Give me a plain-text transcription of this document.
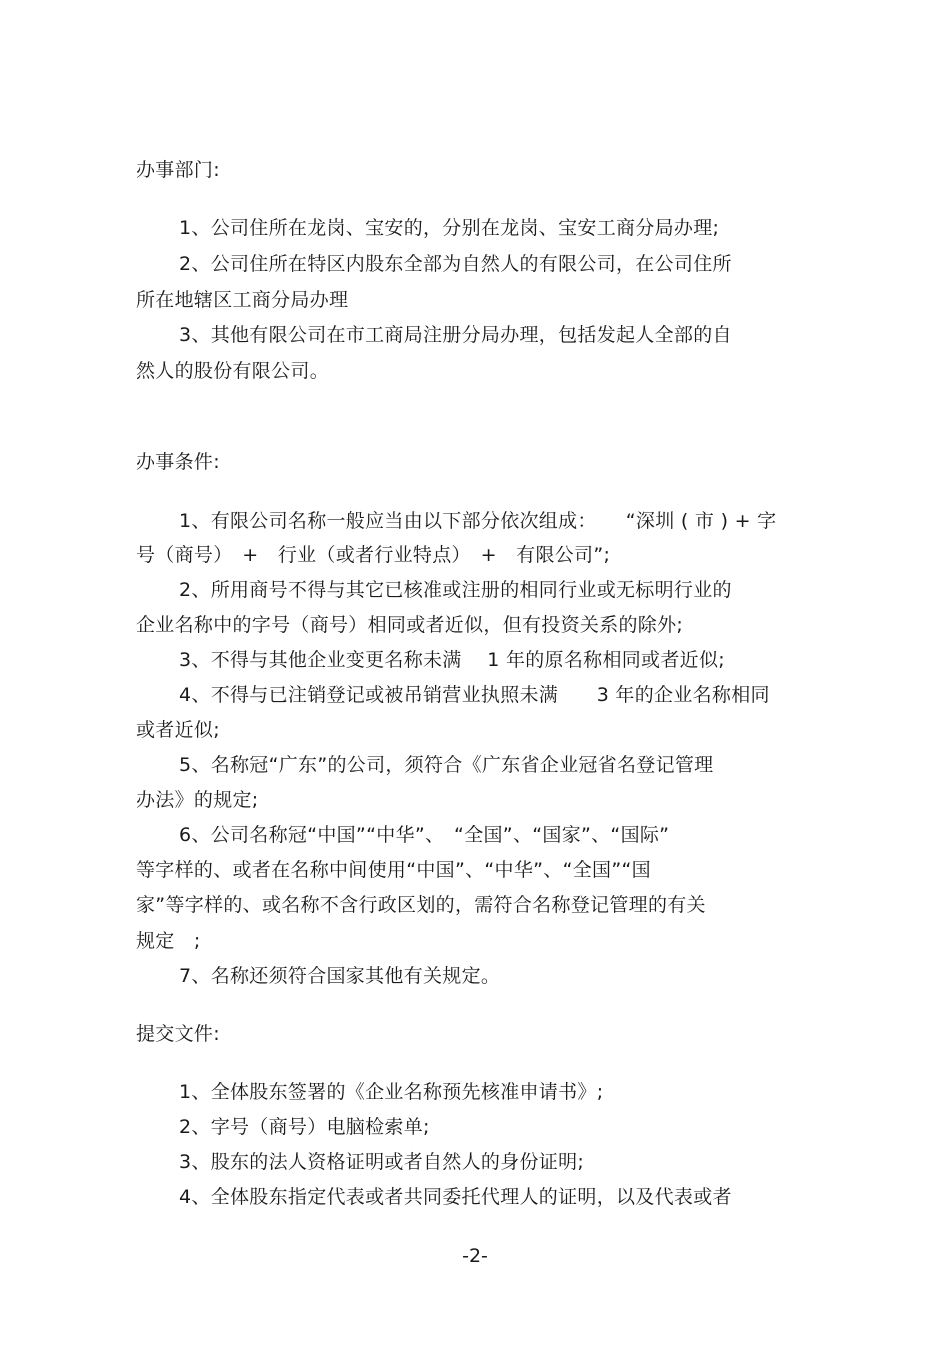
办事部门:
1、公司住所在龙岗、宝安的，分别在龙岗、宝安工商分局办理;
2、公司住所在特区内股东全部为自然人的有限公司，在公司住所
所在地辖区工商分局办理
3、其他有限公司在市工商局注册分局办理，包括发起人全部的自
然人的股份有限公司。
办事条件:
1、有限公司名称一般应当由以下部分依次组成：　　“深圳 ( 市 ) + 字
号（商号）　+　行业（或者行业特点）　+　有限公司”;
2、所用商号不得与其它已核准或注册的相同行业或无标明行业的
企业名称中的字号（商号）相同或者近似，但有投资关系的除外;
3、不得与其他企业变更名称未满　 1 年的原名称相同或者近似;
4、不得与已注销登记或被吊销营业执照未满　　3 年的企业名称相同
或者近似;
5、名称冠“广东”的公司，须符合《广东省企业冠省名登记管理
办法》的规定;
6、公司名称冠“中国”“中华”、　“全国”、“国家”、“国际”
等字样的、或者在名称中间使用“中国”、“中华”、“全国”“国
家”等字样的、或名称不含行政区划的，需符合名称登记管理的有关
规定　;
7、名称还须符合国家其他有关规定。
提交文件:
1、全体股东签署的《企业名称预先核准申请书》;
2、字号（商号）电脑检索单;
3、股东的法人资格证明或者自然人的身份证明;
4、全体股东指定代表或者共同委托代理人的证明，以及代表或者
-2-
